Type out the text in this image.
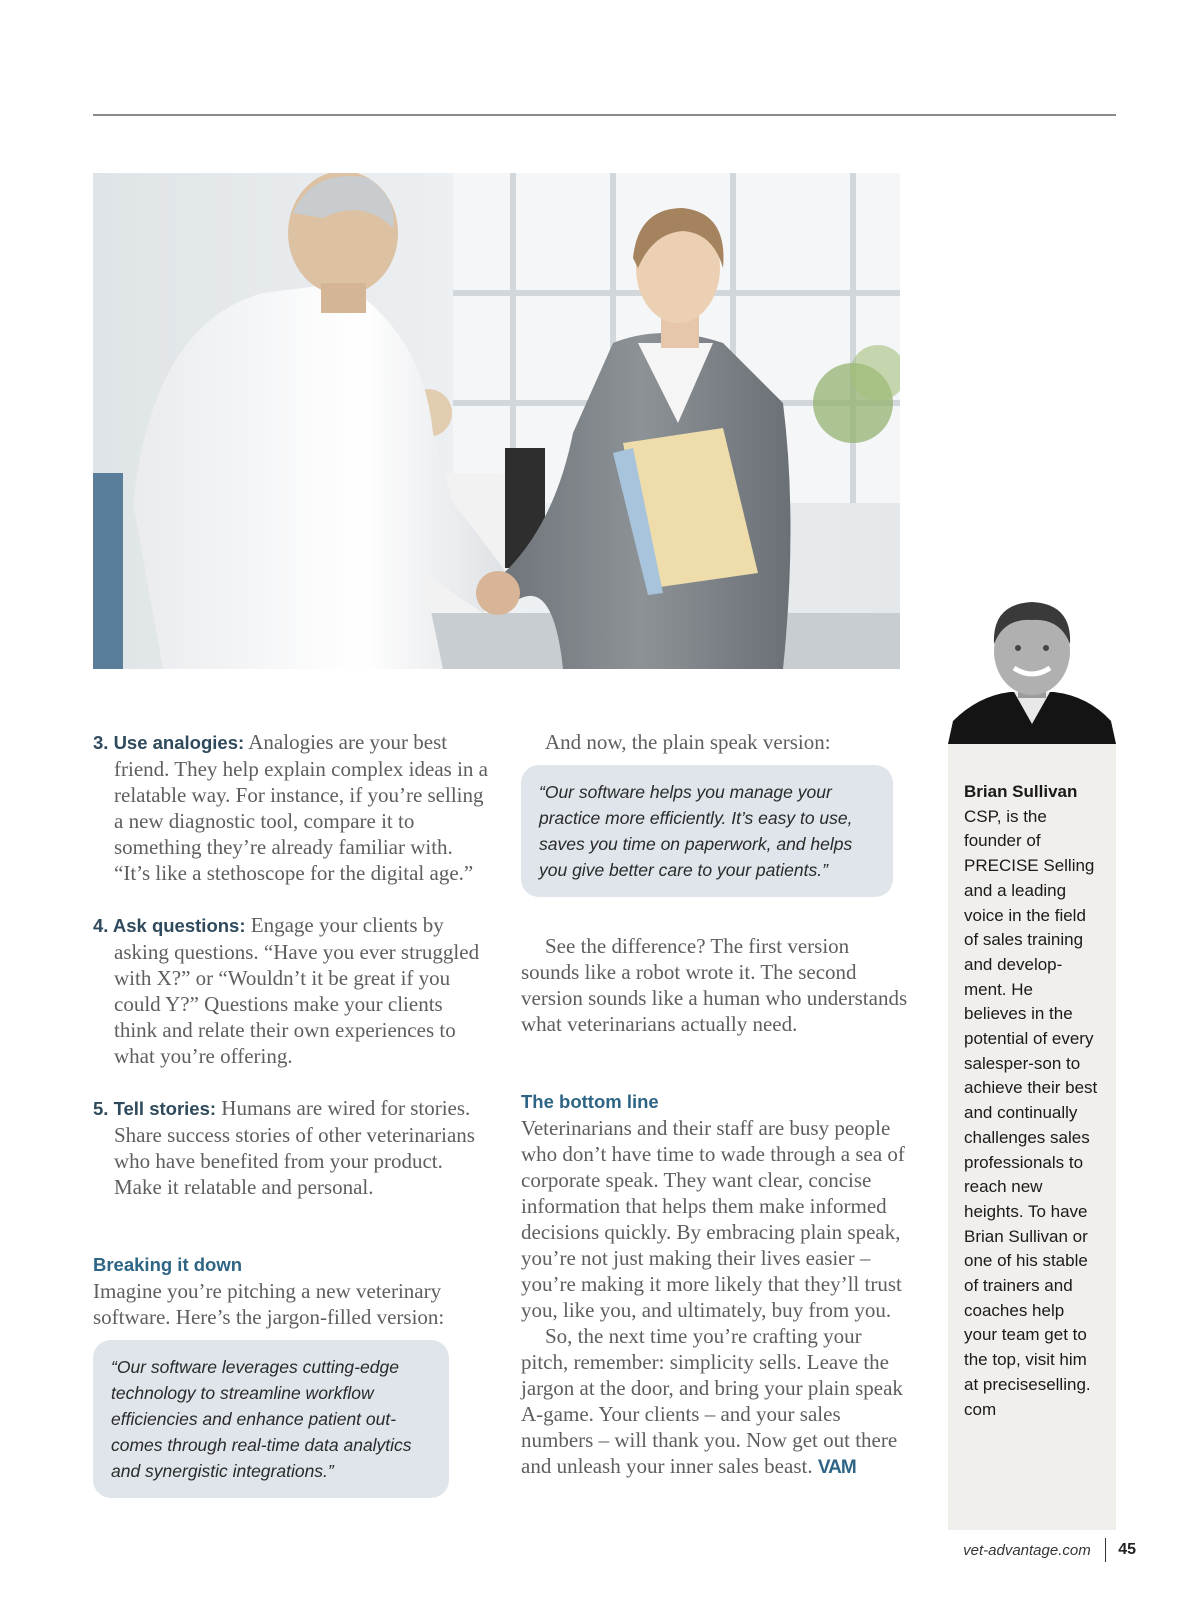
3. Use analogies: Analogies are your best friend. They help explain complex ideas in a relatable way. For instance, if you’re selling a new diagnostic tool, compare it to something they’re already familiar with. “It’s like a stethoscope for the digital age.”
4. Ask questions: Engage your clients by asking questions. “Have you ever struggled with X?” or “Wouldn’t it be great if you could Y?” Questions make your clients think and relate their own experiences to what you’re offering.
5. Tell stories: Humans are wired for stories. Share success stories of other veterinarians who have benefited from your product. Make it relatable and personal.
Breaking it down

Imagine you’re pitching a new veterinary software. Here’s the jargon-filled version:

“Our software leverages cutting-edge technology to streamline workflow efficiencies and enhance patient out-comes through real-time data analytics and synergistic integrations.”

And now, the plain speak version:

“Our software helps you manage your practice more efficiently. It’s easy to use, saves you time on paperwork, and helps you give better care to your patients.”

See the difference? The first version sounds like a robot wrote it. The second version sounds like a human who understands what veterinarians actually need.

The bottom line

Veterinarians and their staff are busy people who don’t have time to wade through a sea of corporate speak. They want clear, concise information that helps them make informed decisions quickly. By embracing plain speak, you’re not just making their lives easier – you’re making it more likely that they’ll trust you, like you, and ultimately, buy from you.

So, the next time you’re crafting your pitch, remember: simplicity sells. Leave the jargon at the door, and bring your plain speak A-game. Your clients – and your sales numbers – will thank you. Now get out there and unleash your inner sales beast. VAM

Brian Sullivan
CSP, is the founder of PRECISE Selling and a leading voice in the field of sales training and develop-ment. He believes in the potential of every salesper-son to achieve their best and continually challenges sales professionals to reach new heights. To have Brian Sullivan or one of his stable of trainers and coaches help your team get to the top, visit him at preciseselling. com
vet-advantage.com 45
